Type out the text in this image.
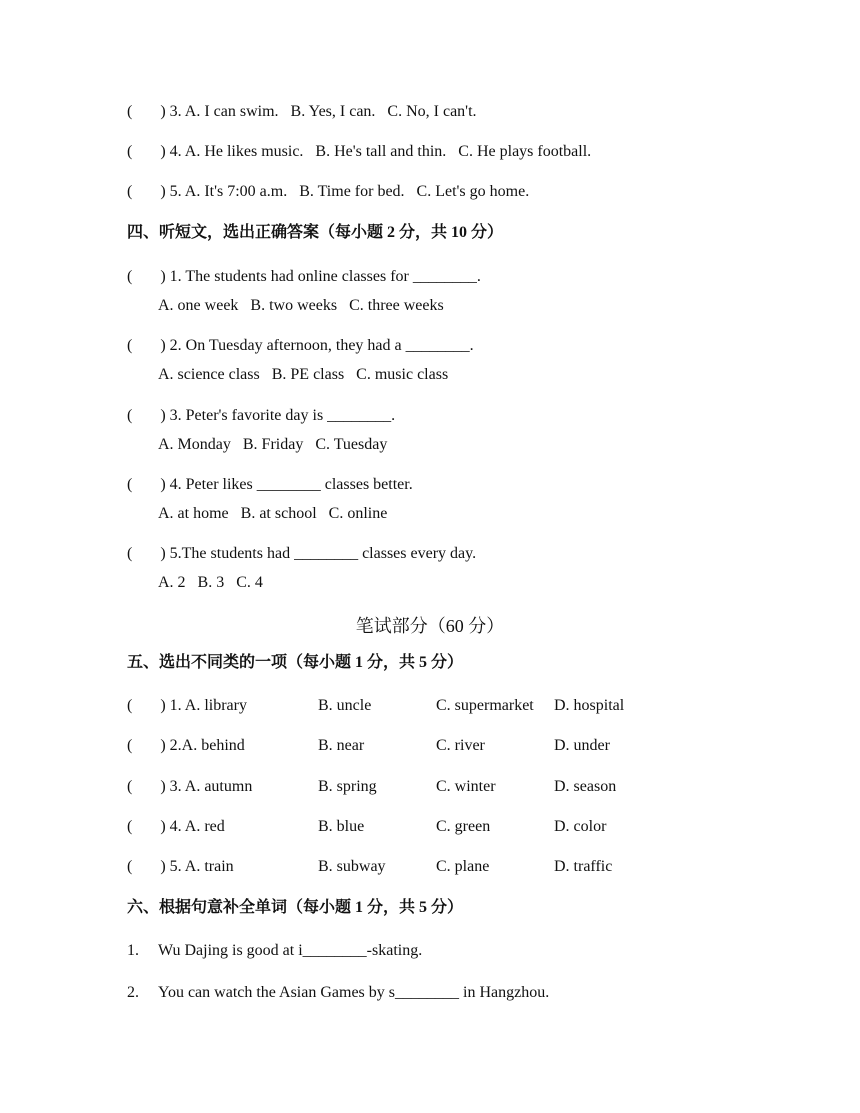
(       ) 3. A. I can swim.   B. Yes, I can.   C. No, I can't.
(       ) 4. A. He likes music.   B. He's tall and thin.   C. He plays football.
(       ) 5. A. It's 7:00 a.m.   B. Time for bed.   C. Let's go home.
四、听短文，选出正确答案（每小题 2 分，共 10 分）
(       ) 1. The students had online classes for ________.
A. one week   B. two weeks   C. three weeks
(       ) 2. On Tuesday afternoon, they had a ________.
A. science class   B. PE class   C. music class
(       ) 3. Peter's favorite day is ________.
A. Monday   B. Friday   C. Tuesday
(       ) 4. Peter likes ________ classes better.
A. at home   B. at school   C. online
(       ) 5.The students had ________ classes every day.
A. 2   B. 3   C. 4
笔试部分（60 分）
五、选出不同类的一项（每小题 1 分，共 5 分）
(       ) 1. A. library	B. uncle	C. supermarket D. hospital
(       ) 2.A. behind	B. near	C. river	D. under
(       ) 3. A. autumn	B. spring	C. winter	D. season
(       ) 4. A. red	B. blue	C. green	D. color
(       ) 5. A. train	B. subway	C. plane	D. traffic
六、根据句意补全单词（每小题 1 分，共 5 分）
1. Wu Dajing is good at i________-skating.
2. You can watch the Asian Games by s________ in Hangzhou.
